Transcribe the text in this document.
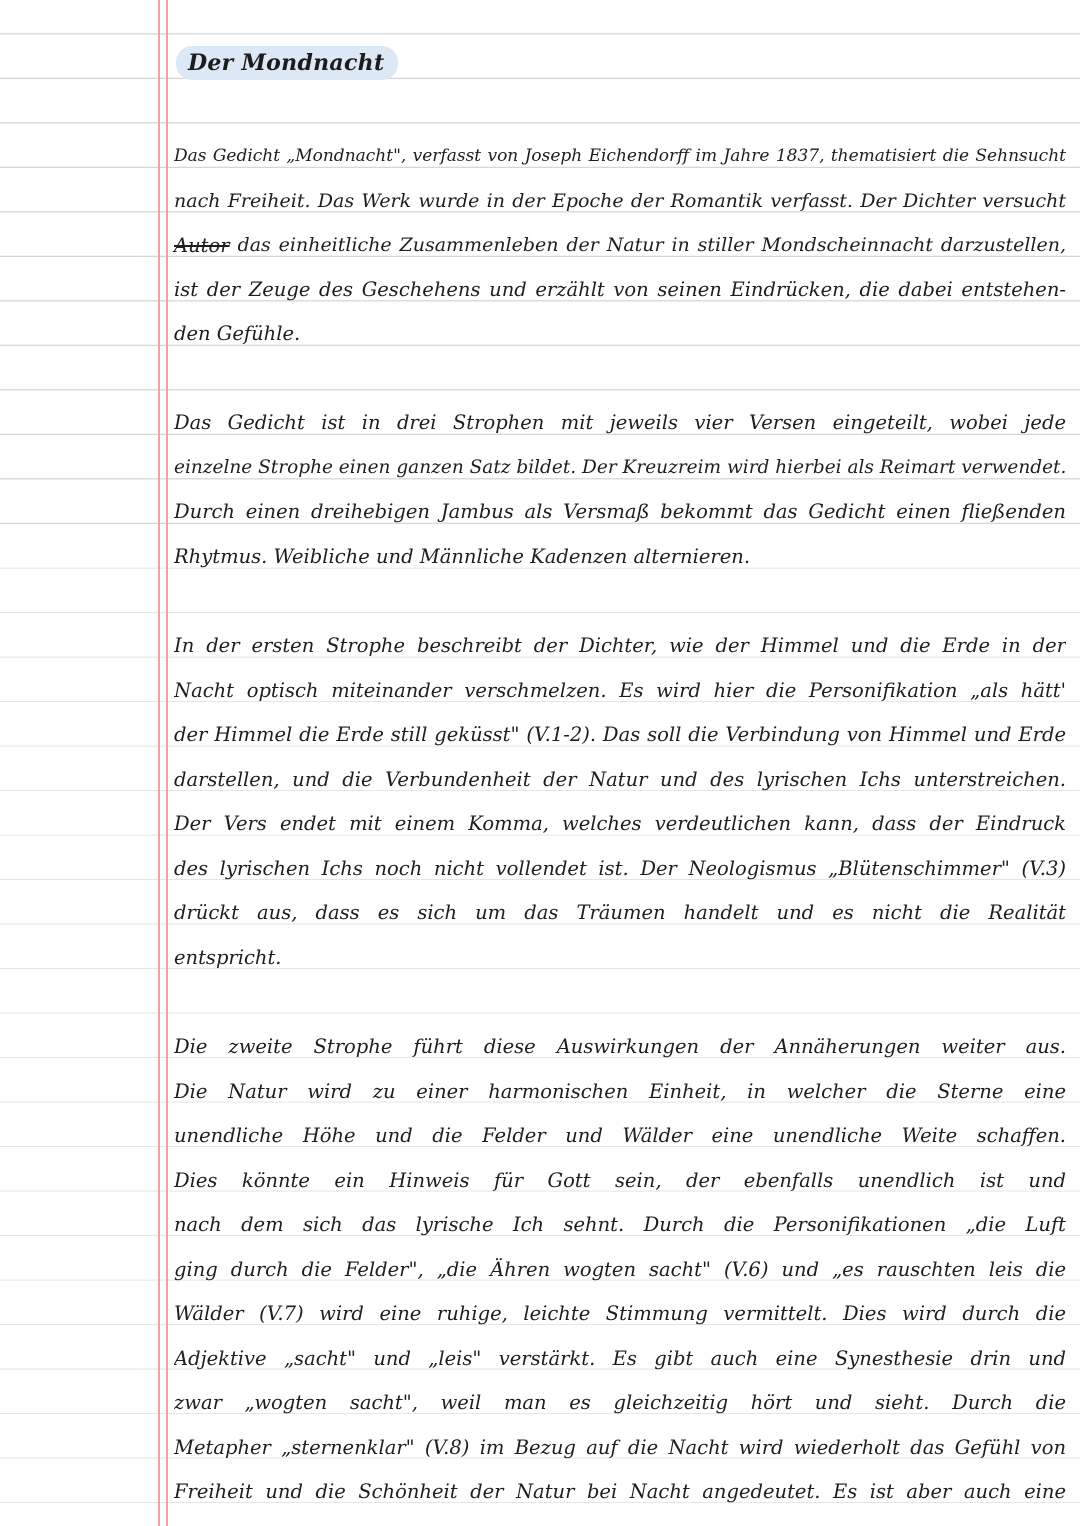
Der Mondnacht
Das Gedicht „Mondnacht", verfasst von Joseph Eichendorff im Jahre 1837, thematisiert die Sehnsucht
nach Freiheit. Das Werk wurde in der Epoche der Romantik verfasst. Der Dichter versucht
Autor das einheitliche Zusammenleben der Natur in stiller Mondscheinnacht darzustellen,
ist der Zeuge des Geschehens und erzählt von seinen Eindrücken, die dabei entstehen-
den Gefühle.
Das Gedicht ist in drei Strophen mit jeweils vier Versen eingeteilt, wobei jede
einzelne Strophe einen ganzen Satz bildet. Der Kreuzreim wird hierbei als Reimart verwendet.
Durch einen dreihebigen Jambus als Versmaß bekommt das Gedicht einen fließenden
Rhytmus. Weibliche und Männliche Kadenzen alternieren.
In der ersten Strophe beschreibt der Dichter, wie der Himmel und die Erde in der
Nacht optisch miteinander verschmelzen. Es wird hier die Personifikation „als hätt'
der Himmel die Erde still geküsst" (V.1-2). Das soll die Verbindung von Himmel und Erde
darstellen, und die Verbundenheit der Natur und des lyrischen Ichs unterstreichen.
Der Vers endet mit einem Komma, welches verdeutlichen kann, dass der Eindruck
des lyrischen Ichs noch nicht vollendet ist. Der Neologismus „Blütenschimmer" (V.3)
drückt aus, dass es sich um das Träumen handelt und es nicht die Realität
entspricht.
Die zweite Strophe führt diese Auswirkungen der Annäherungen weiter aus.
Die Natur wird zu einer harmonischen Einheit, in welcher die Sterne eine
unendliche Höhe und die Felder und Wälder eine unendliche Weite schaffen.
Dies könnte ein Hinweis für Gott sein, der ebenfalls unendlich ist und
nach dem sich das lyrische Ich sehnt. Durch die Personifikationen „die Luft
ging durch die Felder", „die Ähren wogten sacht" (V.6) und „es rauschten leis die
Wälder (V.7) wird eine ruhige, leichte Stimmung vermittelt. Dies wird durch die
Adjektive „sacht" und „leis" verstärkt. Es gibt auch eine Synesthesie drin und
zwar „wogten sacht", weil man es gleichzeitig hört und sieht. Durch die
Metapher „sternenklar" (V.8) im Bezug auf die Nacht wird wiederholt das Gefühl von
Freiheit und die Schönheit der Natur bei Nacht angedeutet. Es ist aber auch eine
